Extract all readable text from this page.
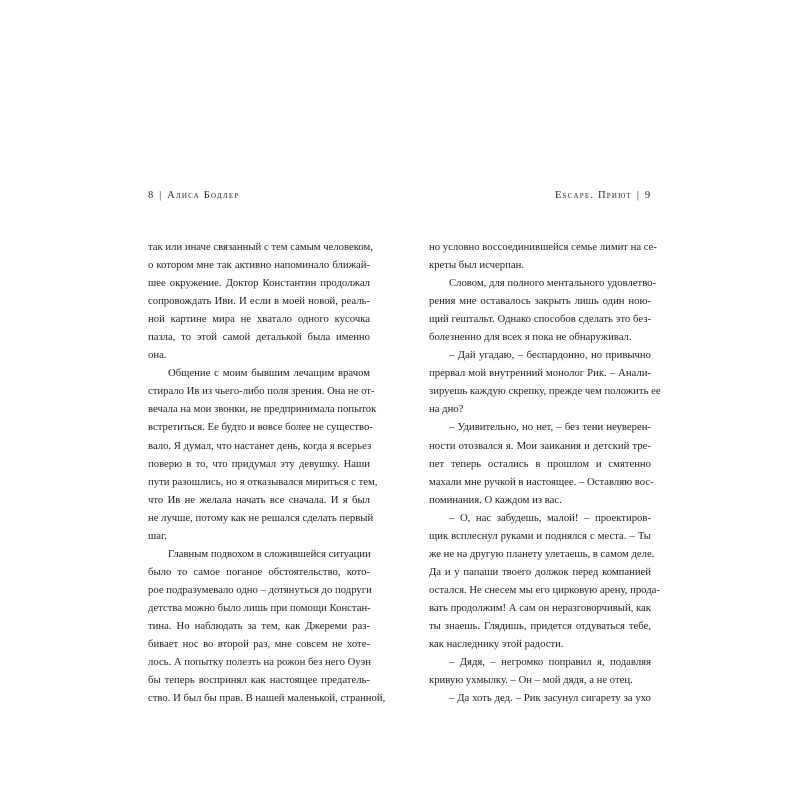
8 | Алиса Бодлер
так или иначе связанный с тем самым человеком,
о котором мне так активно напоминало ближай-
шее окружение. Доктор Константин продолжал
сопровождать Иви. И если в моей новой, реаль-
ной картине мира не хватало одного кусочка
пазла, то этой самой деталькой была именно
она.
Общение с моим бывшим лечащим врачом
стирало Ив из чьего-либо поля зрения. Она не от-
вечала на мои звонки, не предпринимала попыток
встретиться. Ее будто и вовсе более не существо-
вало. Я думал, что настанет день, когда я всерьез
поверю в то, что придумал эту девушку. Наши
пути разошлись, но я отказывался мириться с тем,
что Ив не желала начать все сначала. И я был
не лучше, потому как не решался сделать первый
шаг.
Главным подвохом в сложившейся ситуации
было то самое поганое обстоятельство, кото-
рое подразумевало одно – дотянуться до подруги
детства можно было лишь при помощи Констан-
тина. Но наблюдать за тем, как Джереми раз-
бивает нос во второй раз, мне совсем не хоте-
лось. А попытку полезть на рожон без него Оуэн
бы теперь воспринял как настоящее предатель-
ство. И был бы прав. В нашей маленькой, странной,
Escape. Приют | 9
но условно воссоединившейся семье лимит на се-
креты был исчерпан.
Словом, для полного ментального удовлетво-
рения мне оставалось закрыть лишь один ною-
щий гештальт. Однако способов сделать это без-
болезненно для всех я пока не обнаруживал.
– Дай угадаю, – беспардонно, но привычно
прервал мой внутренний монолог Рик. – Анали-
зируешь каждую скрепку, прежде чем положить ее
на дно?
– Удивительно, но нет, – без тени неуверен-
ности отозвался я. Мои заикания и детский тре-
пет теперь остались в прошлом и смятенно
махали мне ручкой в настоящее. – Оставляю вос-
поминания. О каждом из вас.
– О, нас забудешь, малой! – проектиров-
щик всплеснул руками и поднялся с места. – Ты
же не на другую планету улетаешь, в самом деле.
Да и у папаши твоего должок перед компанией
остался. Не снесем мы его цирковую арену, прода-
вать продолжим! А сам он неразговорчивый, как
ты знаешь. Глядишь, придется отдуваться тебе,
как наследнику этой радости.
– Дядя, – негромко поправил я, подавляя
кривую ухмылку. – Он – мой дядя, а не отец.
– Да хоть дед. – Рик засунул сигарету за ухо
